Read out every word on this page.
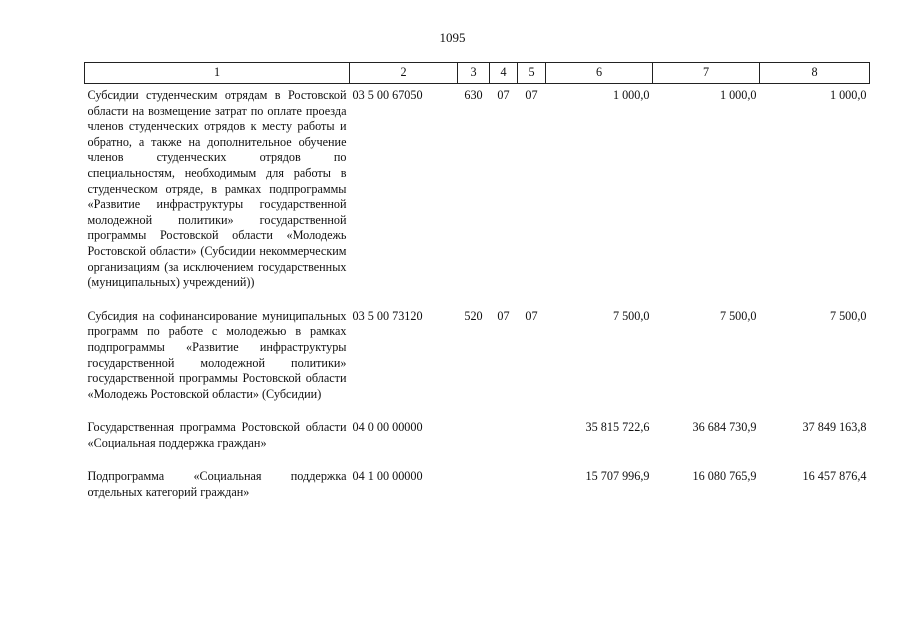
1095
1	2	3	4	5	6	7	8
Субсидии студенческим отрядам в Ростовской области на возмещение затрат по оплате проезда членов студенческих отрядов к месту работы и обратно, а также на дополнительное обучение членов студенческих отрядов по специальностям, необходимым для работы в студенческом отряде, в рамках подпрограммы «Развитие инфраструктуры государственной молодежной политики» государственной программы Ростовской области «Молодежь Ростовской области» (Субсидии некоммерческим организациям (за исключением государственных (муниципальных) учреждений))	03 5 00 67050	630	07	07	1 000,0	1 000,0	1 000,0
Субсидия на софинансирование муниципальных программ по работе с молодежью в рамках подпрограммы «Развитие инфраструктуры государственной молодежной политики» государственной программы Ростовской области «Молодежь Ростовской области» (Субсидии)	03 5 00 73120	520	07	07	7 500,0	7 500,0	7 500,0
Государственная программа Ростовской области «Социальная поддержка граждан»	04 0 00 00000				35 815 722,6	36 684 730,9	37 849 163,8
Подпрограмма «Социальная поддержка отдельных категорий граждан»	04 1 00 00000				15 707 996,9	16 080 765,9	16 457 876,4
